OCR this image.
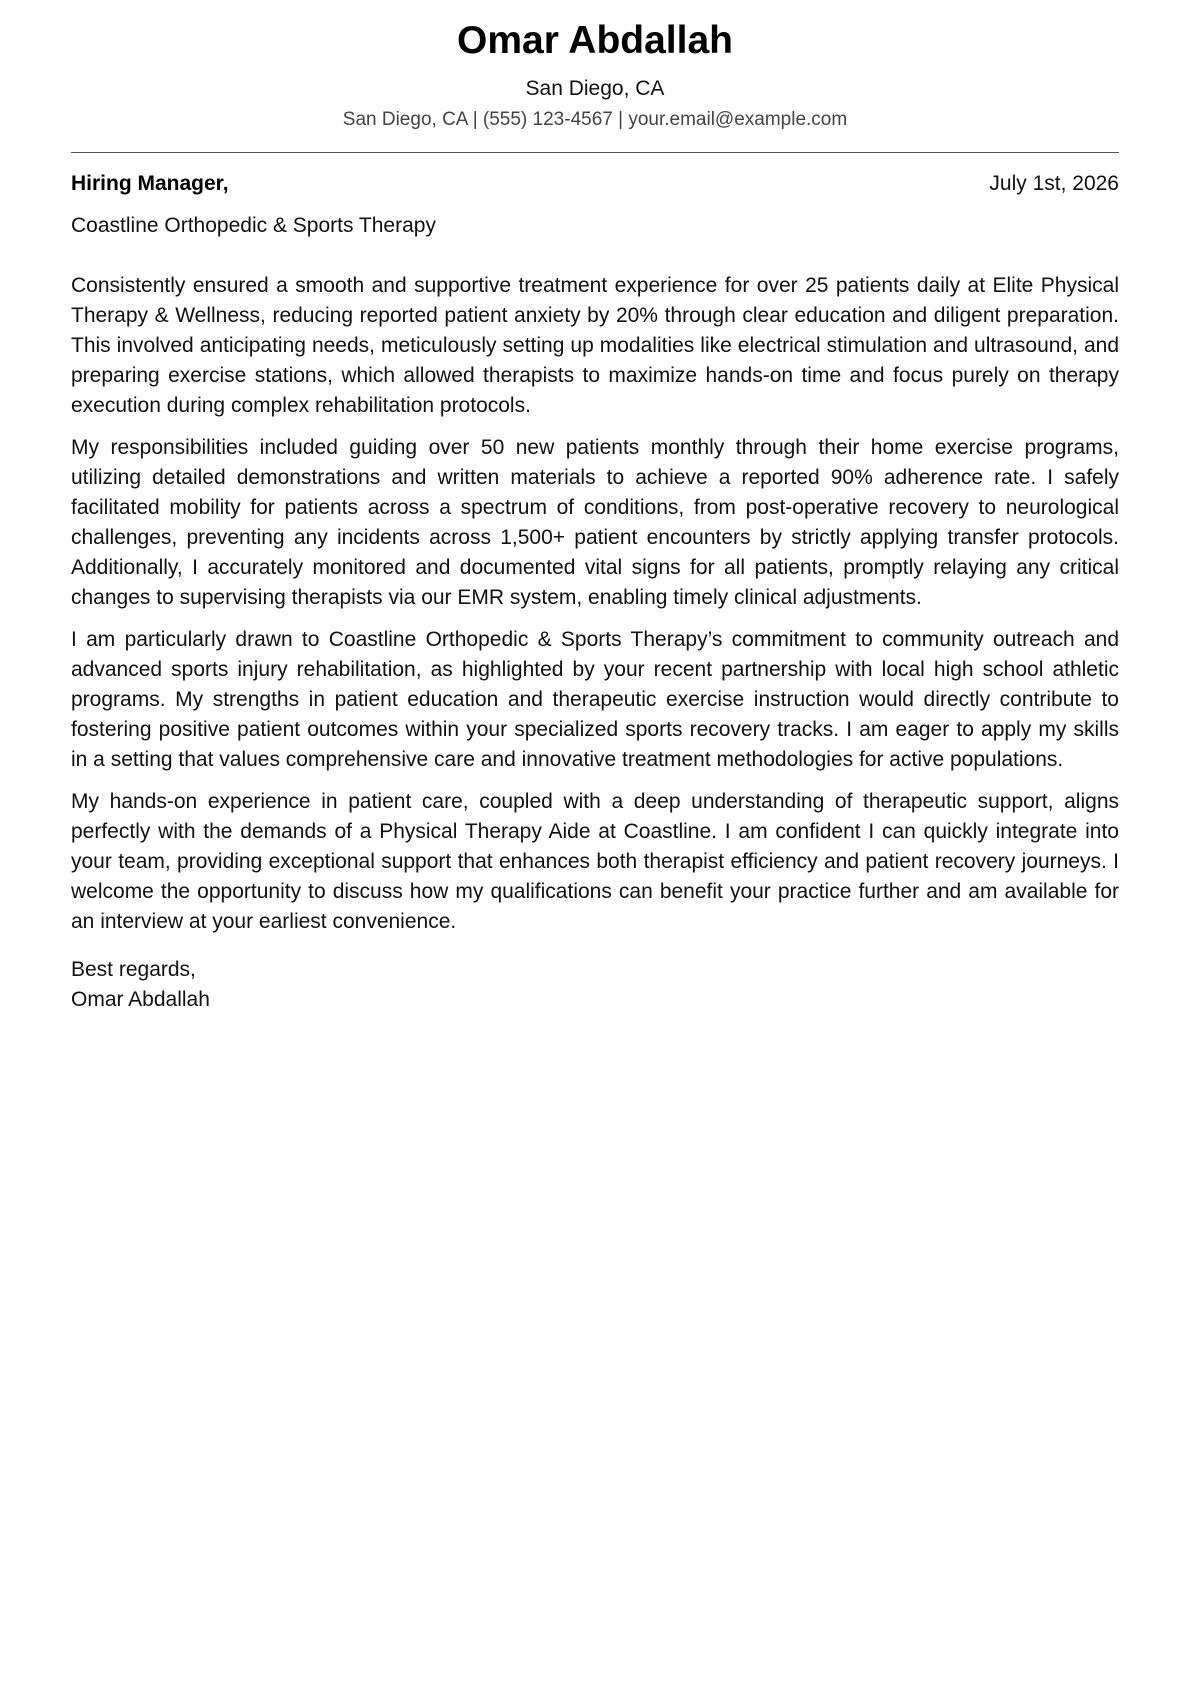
Omar Abdallah
San Diego, CA
San Diego, CA | (555) 123-4567 | your.email@example.com
Hiring Manager,	July 1st, 2026
Coastline Orthopedic & Sports Therapy

Consistently ensured a smooth and supportive treatment experience for over 25 patients daily at Elite Physical Therapy & Wellness, reducing reported patient anxiety by 20% through clear education and diligent preparation. This involved anticipating needs, meticulously setting up modalities like electrical stimulation and ultrasound, and preparing exercise stations, which allowed therapists to maximize hands-on time and focus purely on therapy execution during complex rehabilitation protocols.

My responsibilities included guiding over 50 new patients monthly through their home exercise programs, utilizing detailed demonstrations and written materials to achieve a reported 90% adherence rate. I safely facilitated mobility for patients across a spectrum of conditions, from post-operative recovery to neurological challenges, preventing any incidents across 1,500+ patient encounters by strictly applying transfer protocols. Additionally, I accurately monitored and documented vital signs for all patients, promptly relaying any critical changes to supervising therapists via our EMR system, enabling timely clinical adjustments.

I am particularly drawn to Coastline Orthopedic & Sports Therapy’s commitment to community outreach and advanced sports injury rehabilitation, as highlighted by your recent partnership with local high school athletic programs. My strengths in patient education and therapeutic exercise instruction would directly contribute to fostering positive patient outcomes within your specialized sports recovery tracks. I am eager to apply my skills in a setting that values comprehensive care and innovative treatment methodologies for active populations.

My hands-on experience in patient care, coupled with a deep understanding of therapeutic support, aligns perfectly with the demands of a Physical Therapy Aide at Coastline. I am confident I can quickly integrate into your team, providing exceptional support that enhances both therapist efficiency and patient recovery journeys. I welcome the opportunity to discuss how my qualifications can benefit your practice further and am available for an interview at your earliest convenience.

Best regards,
Omar Abdallah
